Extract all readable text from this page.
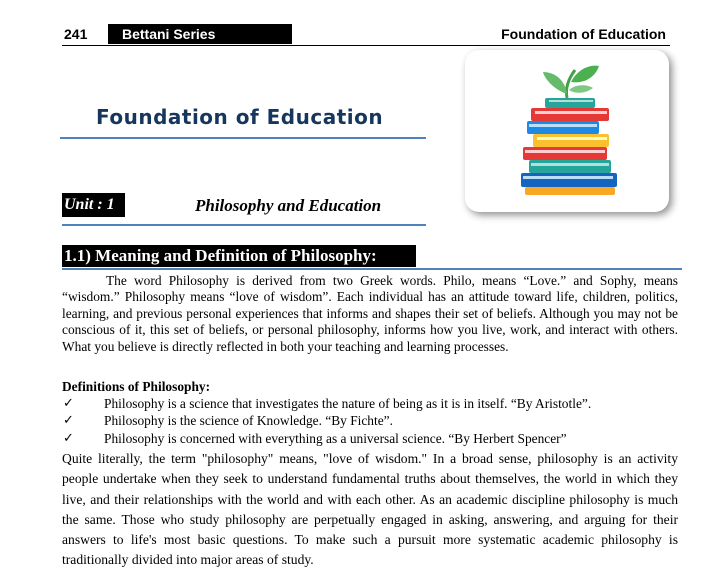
241	Bettani Series	Foundation of Education
Foundation of Education
Unit : 1	Philosophy and Education
1.1) Meaning and Definition of Philosophy:

The word Philosophy is derived from two Greek words. Philo, means “Love.” and Sophy, means “wisdom.” Philosophy means “love of wisdom”. Each individual has an attitude toward life, children, politics, learning, and previous personal experiences that informs and shapes their set of beliefs. Although you may not be conscious of it, this set of beliefs, or personal philosophy, informs how you live, work, and interact with others. What you believe is directly reflected in both your teaching and learning processes.

Definitions of Philosophy:
✓ Philosophy is a science that investigates the nature of being as it is in itself. “By Aristotle”.
✓ Philosophy is the science of Knowledge. “By Fichte”.
✓ Philosophy is concerned with everything as a universal science. “By Herbert Spencer”

Quite literally, the term "philosophy" means, "love of wisdom." In a broad sense, philosophy is an activity people undertake when they seek to understand fundamental truths about themselves, the world in which they live, and their relationships with the world and with each other. As an academic discipline philosophy is much the same. Those who study philosophy are perpetually engaged in asking, answering, and arguing for their answers to life's most basic questions. To make such a pursuit more systematic academic philosophy is traditionally divided into major areas of study.
